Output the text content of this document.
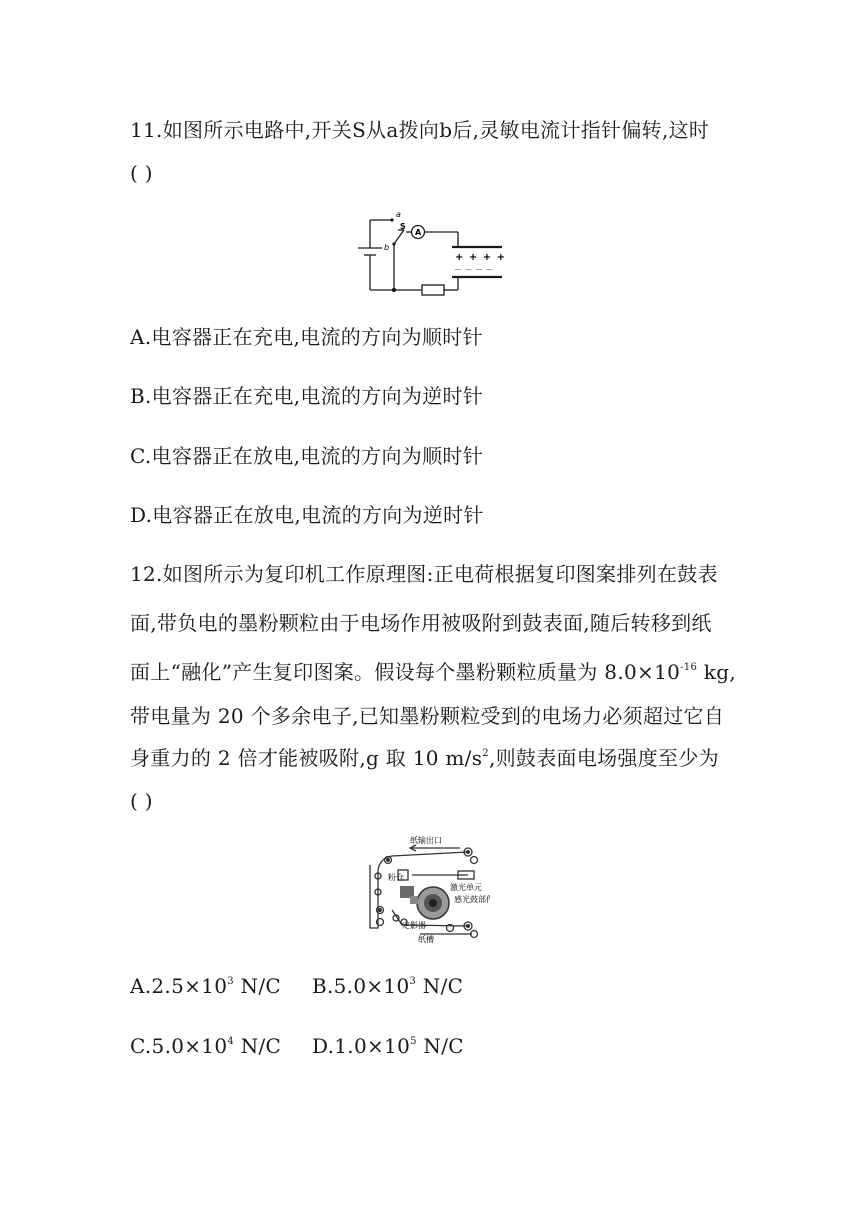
11.如图所示电路中,开关S从a拨向b后,灵敏电流计指针偏转,这时
( )
a
S
b
A
+ + + +
－ － － －
A.电容器正在充电,电流的方向为顺时针
B.电容器正在充电,电流的方向为逆时针
C.电容器正在放电,电流的方向为顺时针
D.电容器正在放电,电流的方向为逆时针
12.如图所示为复印机工作原理图:正电荷根据复印图案排列在鼓表
面,带负电的墨粉颗粒由于电场作用被吸附到鼓表面,随后转移到纸
面上“融化”产生复印图案。假设每个墨粉颗粒质量为 $8.0\times 10^{-16}$ kg,
带电量为 20 个多余电子,已知墨粉颗粒受到的电场力必须超过它自
身重力的 2 倍才能被吸附,g 取 10 $m/s^2$,则鼓表面电场强度至少为
( )
纸输出口
粉仓
激光单元
感光鼓部件
定影器
纸槽
$A.2.5\times 10^3$ N/C $B.5.0\times 10^3$ N/C
$C.5.0\times 10^4$ N/C $D.1.0\times 10^5$ N/C
